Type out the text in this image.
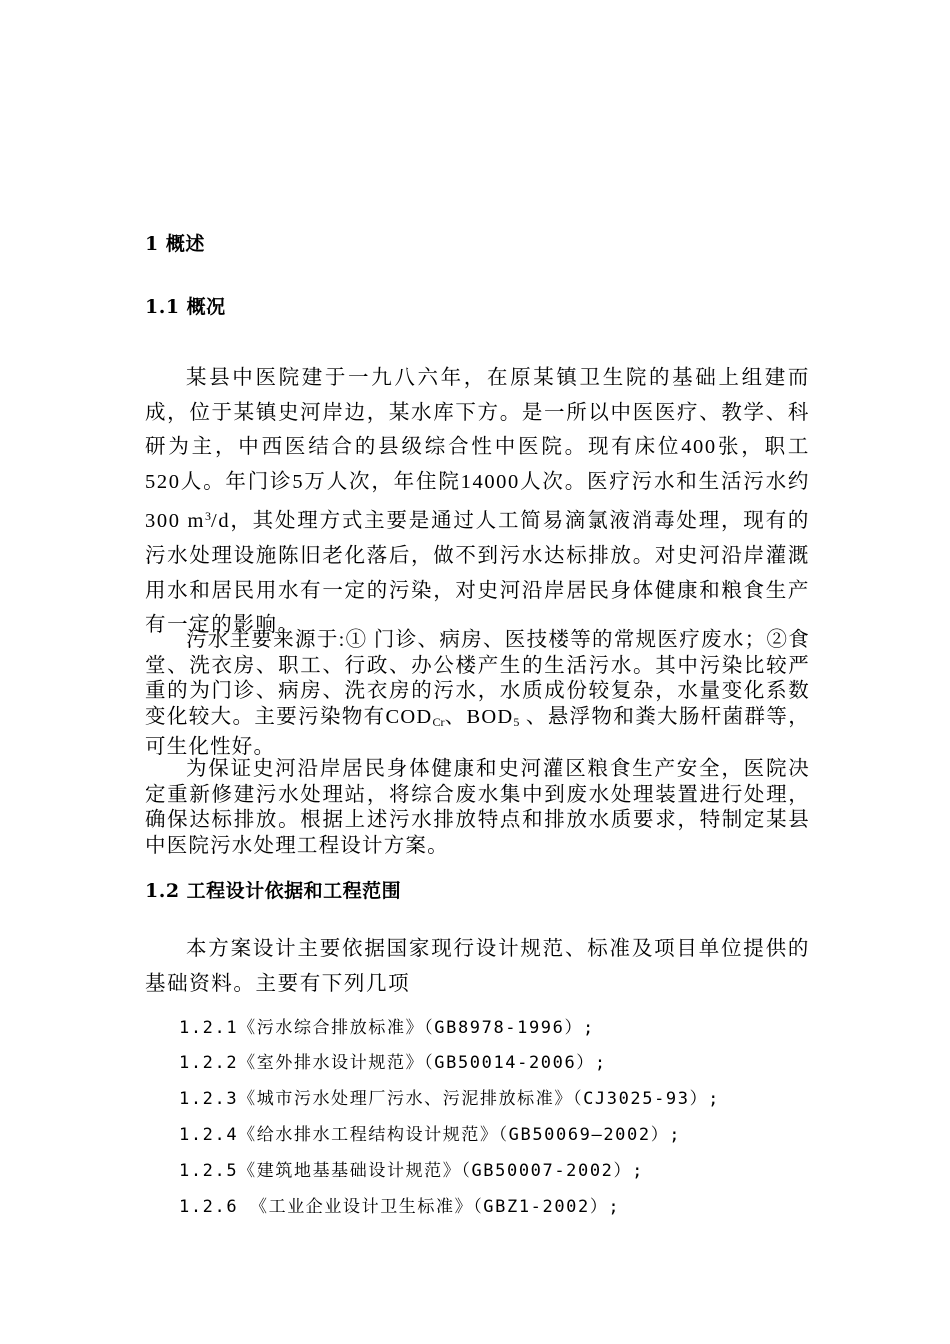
1 概述
1.1 概况

某县中医院建于一九八六年，在原某镇卫生院的基础上组建而成，位于某镇史河岸边，某水库下方。是一所以中医医疗、教学、科研为主，中西医结合的县级综合性中医院。现有床位400张，职工520人。年门诊5万人次，年住院14000人次。医疗污水和生活污水约300 $m^3/d$，其处理方式主要是通过人工简易滴氯液消毒处理，现有的污水处理设施陈旧老化落后，做不到污水达标排放。对史河沿岸灌溉用水和居民用水有一定的污染，对史河沿岸居民身体健康和粮食生产有一定的影响。

污水主要来源于:① 门诊、病房、医技楼等的常规医疗废水；②食堂、洗衣房、职工、行政、办公楼产生的生活污水。其中污染比较严重的为门诊、病房、洗衣房的污水，水质成份较复杂，水量变化系数变化较大。主要污染物有$COD_{Cr}$、$BOD_5$ 、悬浮物和粪大肠杆菌群等，可生化性好。

为保证史河沿岸居民身体健康和史河灌区粮食生产安全，医院决定重新修建污水处理站，将综合废水集中到废水处理装置进行处理，确保达标排放。根据上述污水排放特点和排放水质要求，特制定某县中医院污水处理工程设计方案。

1.2 工程设计依据和工程范围

本方案设计主要依据国家现行设计规范、标准及项目单位提供的基础资料。主要有下列几项

1.2.1《污水综合排放标准》（GB8978-1996）;
1.2.2《室外排水设计规范》（GB50014-2006）;
1.2.3《城市污水处理厂污水、污泥排放标准》（CJ3025-93）;
1.2.4《给水排水工程结构设计规范》（GB50069—2002）;
1.2.5《建筑地基基础设计规范》（GB50007-2002）;
1.2.6 《工业企业设计卫生标准》（GBZ1-2002）;
